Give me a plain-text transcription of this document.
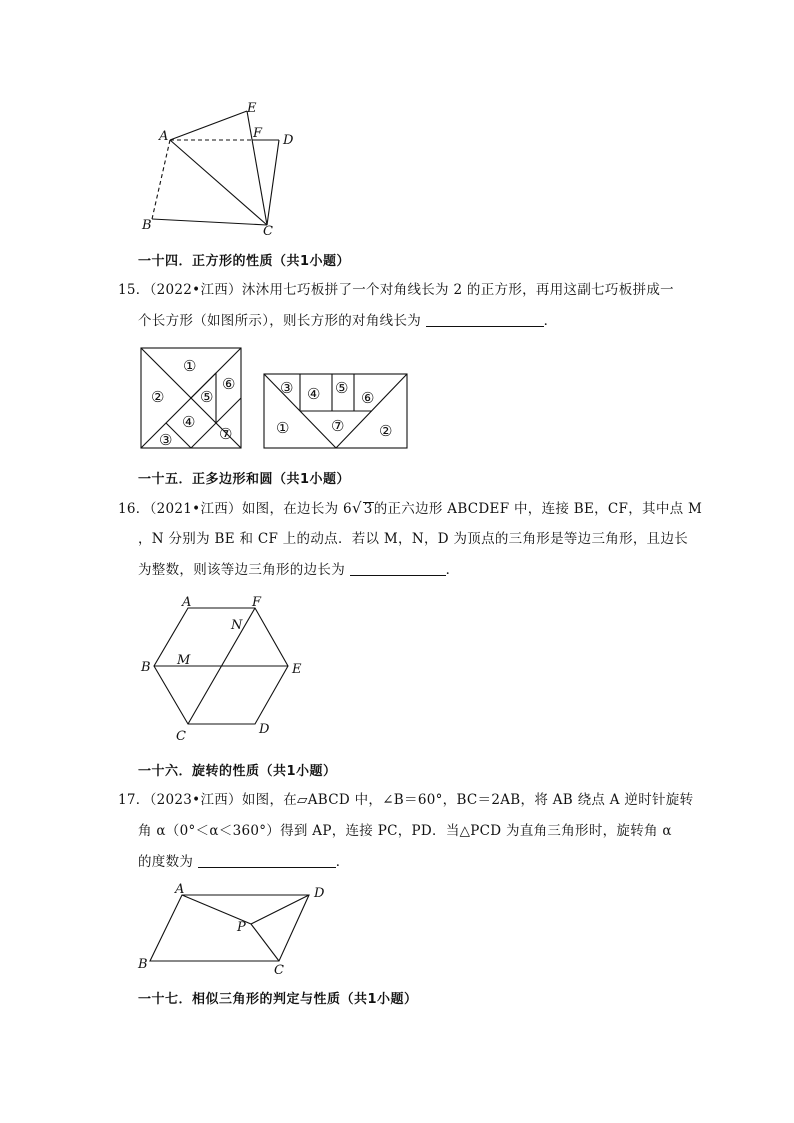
A
E
F D
B	C
一十四．正方形的性质（共1小题）
15．（2022•江西）沐沐用七巧板拼了一个对角线长为 2 的正方形，再用这副七巧板拼成一
个长方形（如图所示），则长方形的对角线长为	．
①
②
③
④
⑤
⑥
⑦
③ ④ ⑤
⑥
①	⑦ ②
一十五．正多边形和圆（共1小题）
16．（2021•江西）如图，在边长为 6√ 3的正六边形 ABCDEF 中，连接 BE，CF，其中点 M
，N 分别为 BE 和 CF 上的动点．若以 M，N，D 为顶点的三角形是等边三角形，且边长
为整数，则该等边三角形的边长为	．
A	F
N
B M
E
C	D
一十六．旋转的性质（共1小题）
17．（2023•江西）如图，在▱ABCD 中，∠B＝60°，BC＝2AB，将 AB 绕点 A 逆时针旋转
角 α（0°＜α＜360°）得到 AP，连接 PC，PD．当△PCD 为直角三角形时，旋转角 α
的度数为	．
A	D
P
B	C
一十七．相似三角形的判定与性质（共1小题）
